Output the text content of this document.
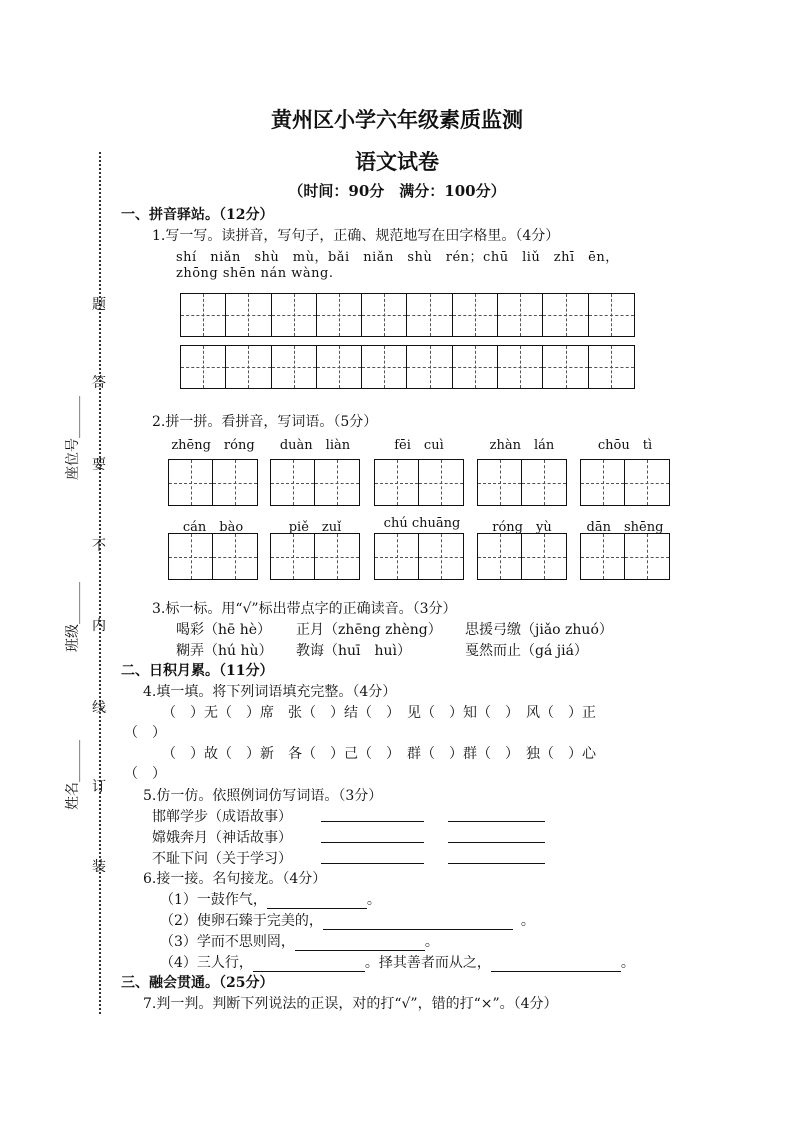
黄州区小学六年级素质监测
语文试卷
（时间：90分　满分：100分）
题
答
要
不
内
线
订
装
座位号______
班级______
姓名______
一、拼音驿站。（12分）
1.写一写。读拼音，写句子，正确、规范地写在田字格里。（4分）
shí　niǎn　shù　mù，bǎi　niǎn　shù　rén；chū　liǔ　zhī　ēn，
zhōng shēn nán wàng.
2.拼一拼。看拼音，写词语。（5分）
zhēng　róng	duàn　liàn	fēi　cuì	zhàn　lán	chōu　tì
cán　bào	piě　zuǐ	chú chuāng	róng　yù	dān　shēng
3.标一标。用“√”标出带点字的正确读音。（3分）
喝彩（hē hè） 正月（zhēng zhèng） 思援弓缴（jiǎo zhuó）
糊弄（hú hù） 教诲（huī　huì）	戛然而止（gá jiá）
二、日积月累。（11分）
4.填一填。将下列词语填充完整。（4分）
（　）无（　）席　张（　）结（　）　见（　）知（　）　风（　）正
（　）
（　）故（　）新　各（　）己（　）　群（　）群（　）　独（　）心
（　）
5.仿一仿。依照例词仿写词语。（3分）
邯郸学步（成语故事）
嫦娥奔月（神话故事）
不耻下问（关于学习）
6.接一接。名句接龙。（4分）
（1）一鼓作气，	。
（2）使卵石臻于完美的，	。
（3）学而不思则罔，	。
（4）三人行，	。择其善者而从之，	。
三、融会贯通。（25分）
7.判一判。判断下列说法的正误，对的打“√”，错的打“×”。（4分）
